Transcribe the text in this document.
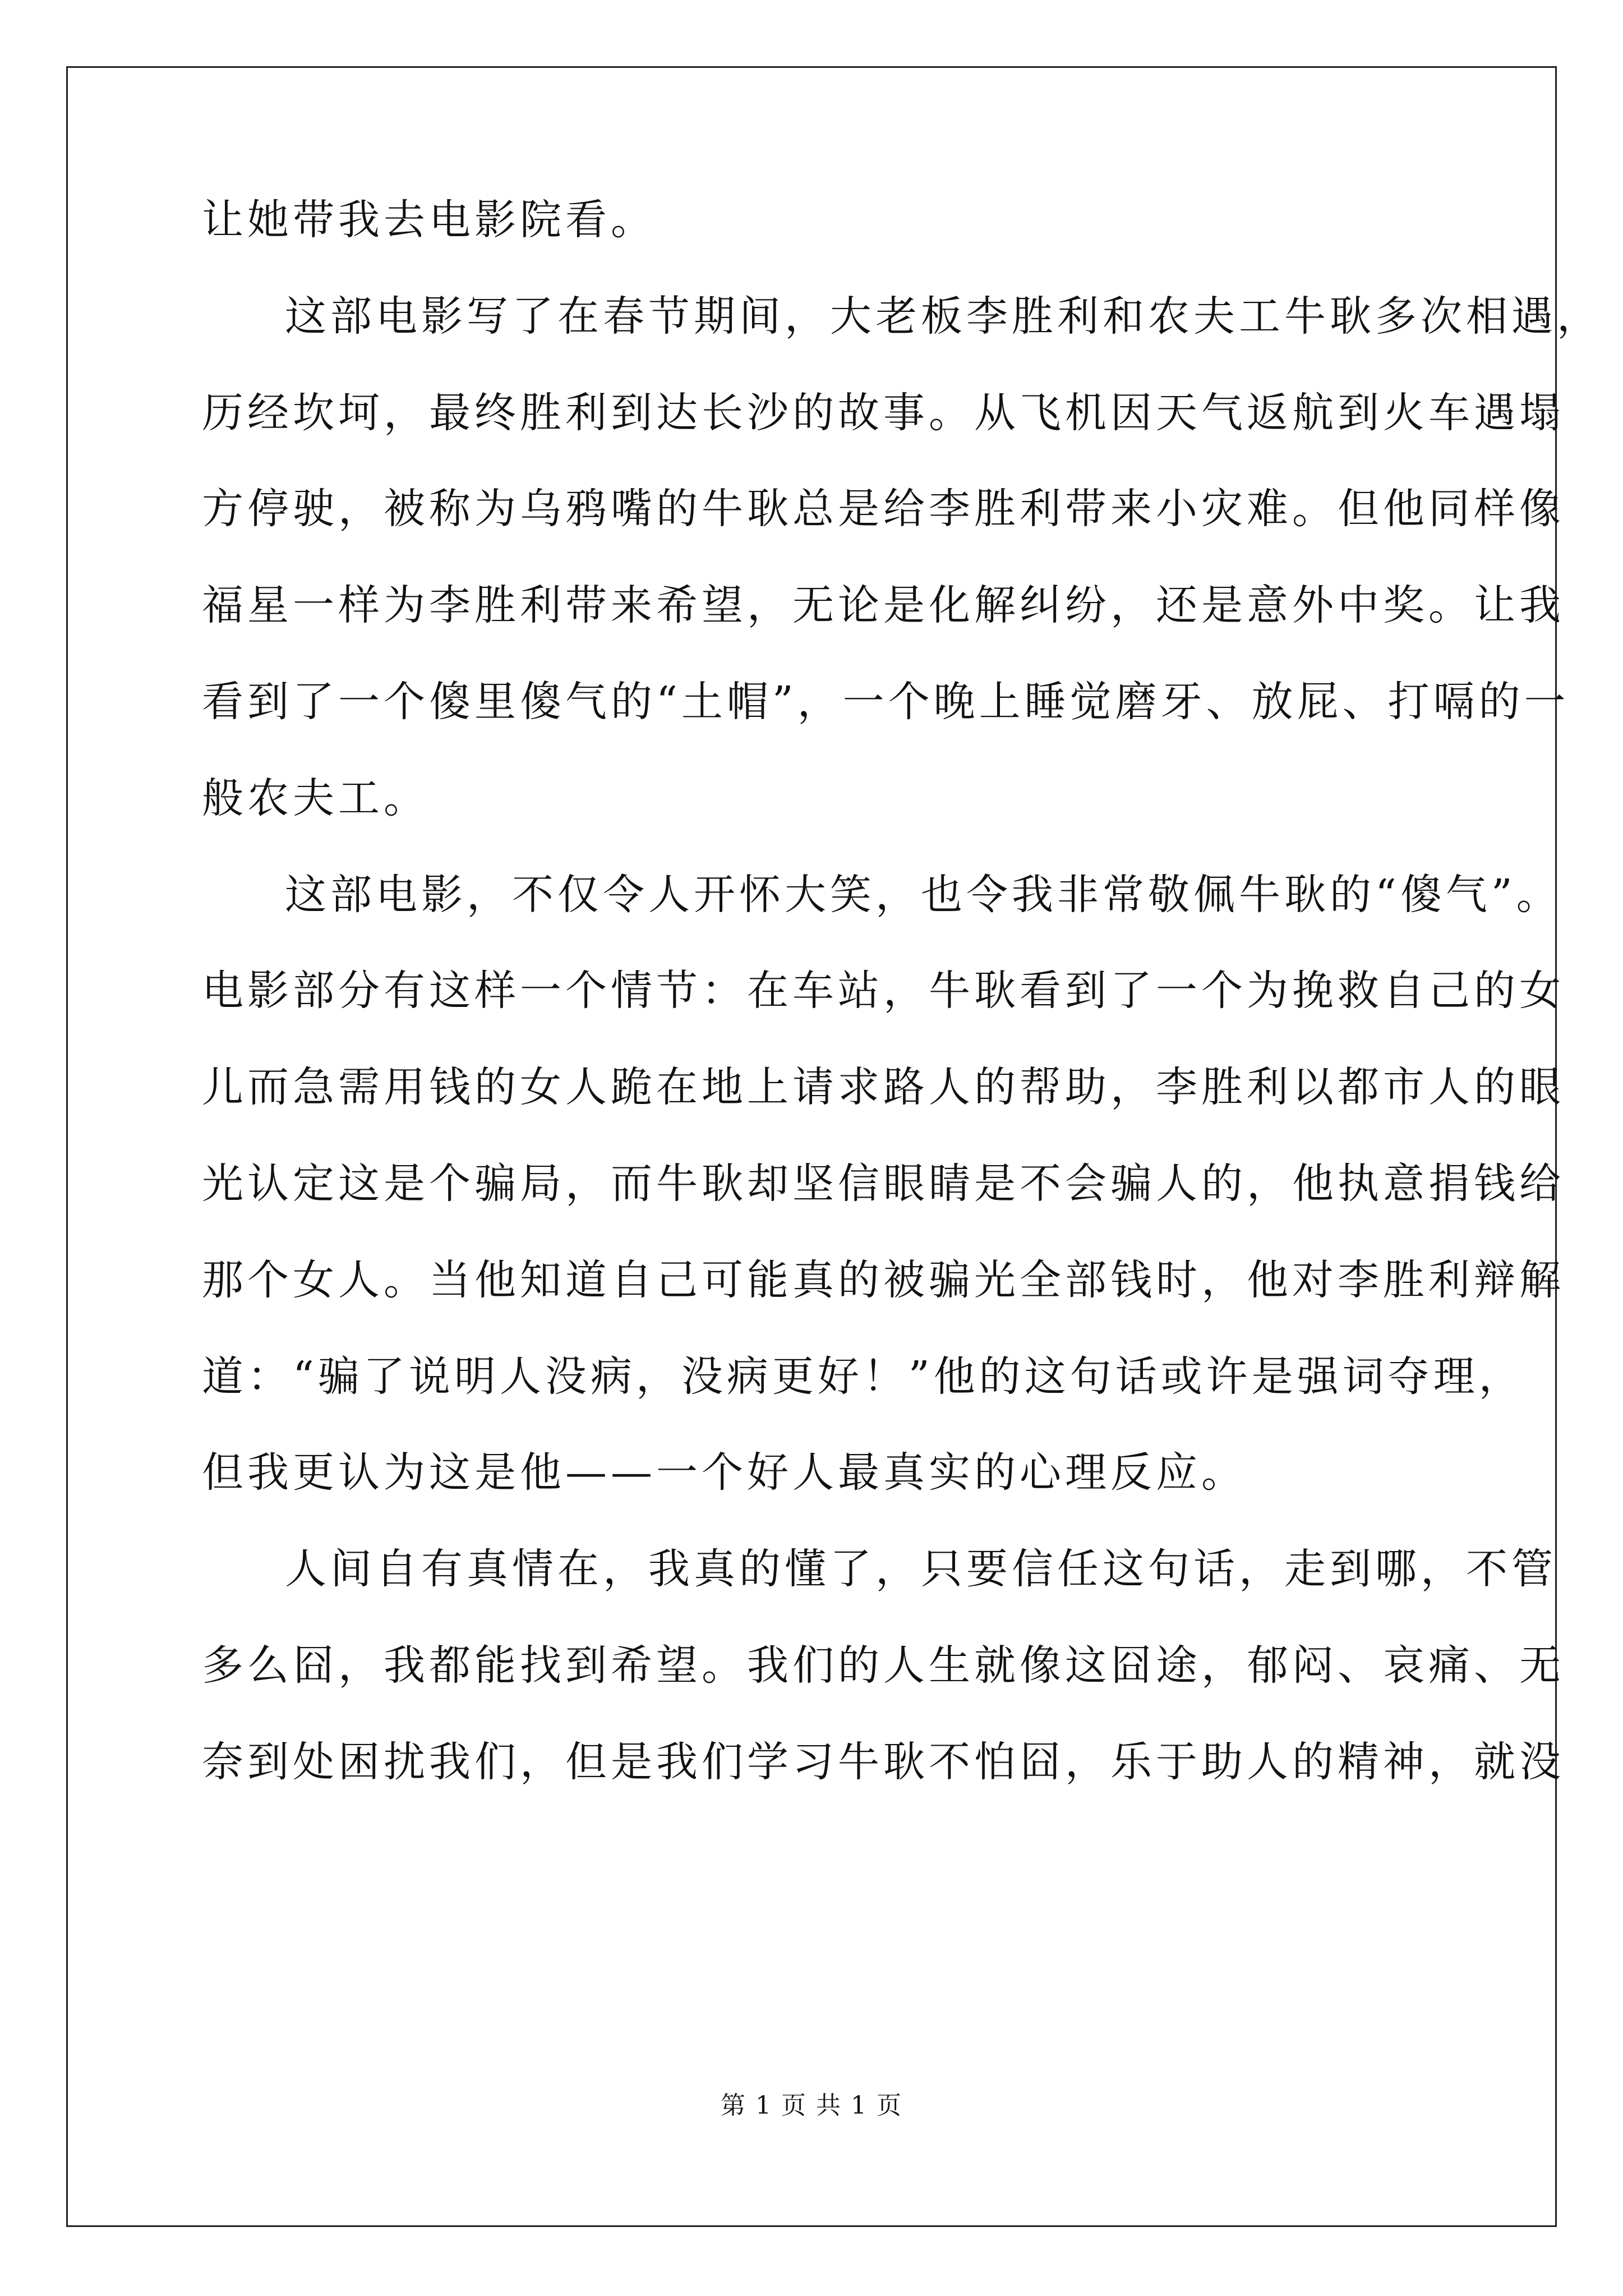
让她带我去电影院看。
这部电影写了在春节期间，大老板李胜利和农夫工牛耿多次相遇，
历经坎坷，最终胜利到达长沙的故事。从飞机因天气返航到火车遇塌
方停驶，被称为乌鸦嘴的牛耿总是给李胜利带来小灾难。但他同样像
福星一样为李胜利带来希望，无论是化解纠纷，还是意外中奖。让我
看到了一个傻里傻气的“土帽”，一个晚上睡觉磨牙、放屁、打嗝的一
般农夫工。
这部电影，不仅令人开怀大笑，也令我非常敬佩牛耿的“傻气”。
电影部分有这样一个情节：在车站，牛耿看到了一个为挽救自己的女
儿而急需用钱的女人跪在地上请求路人的帮助，李胜利以都市人的眼
光认定这是个骗局，而牛耿却坚信眼睛是不会骗人的，他执意捐钱给
那个女人。当他知道自己可能真的被骗光全部钱时，他对李胜利辩解
道：“骗了说明人没病，没病更好！”他的这句话或许是强词夺理，
但我更认为这是他——一个好人最真实的心理反应。
人间自有真情在，我真的懂了，只要信任这句话，走到哪，不管
多么囧，我都能找到希望。我们的人生就像这囧途，郁闷、哀痛、无
奈到处困扰我们，但是我们学习牛耿不怕囧，乐于助人的精神，就没
第 1 页 共 1 页
